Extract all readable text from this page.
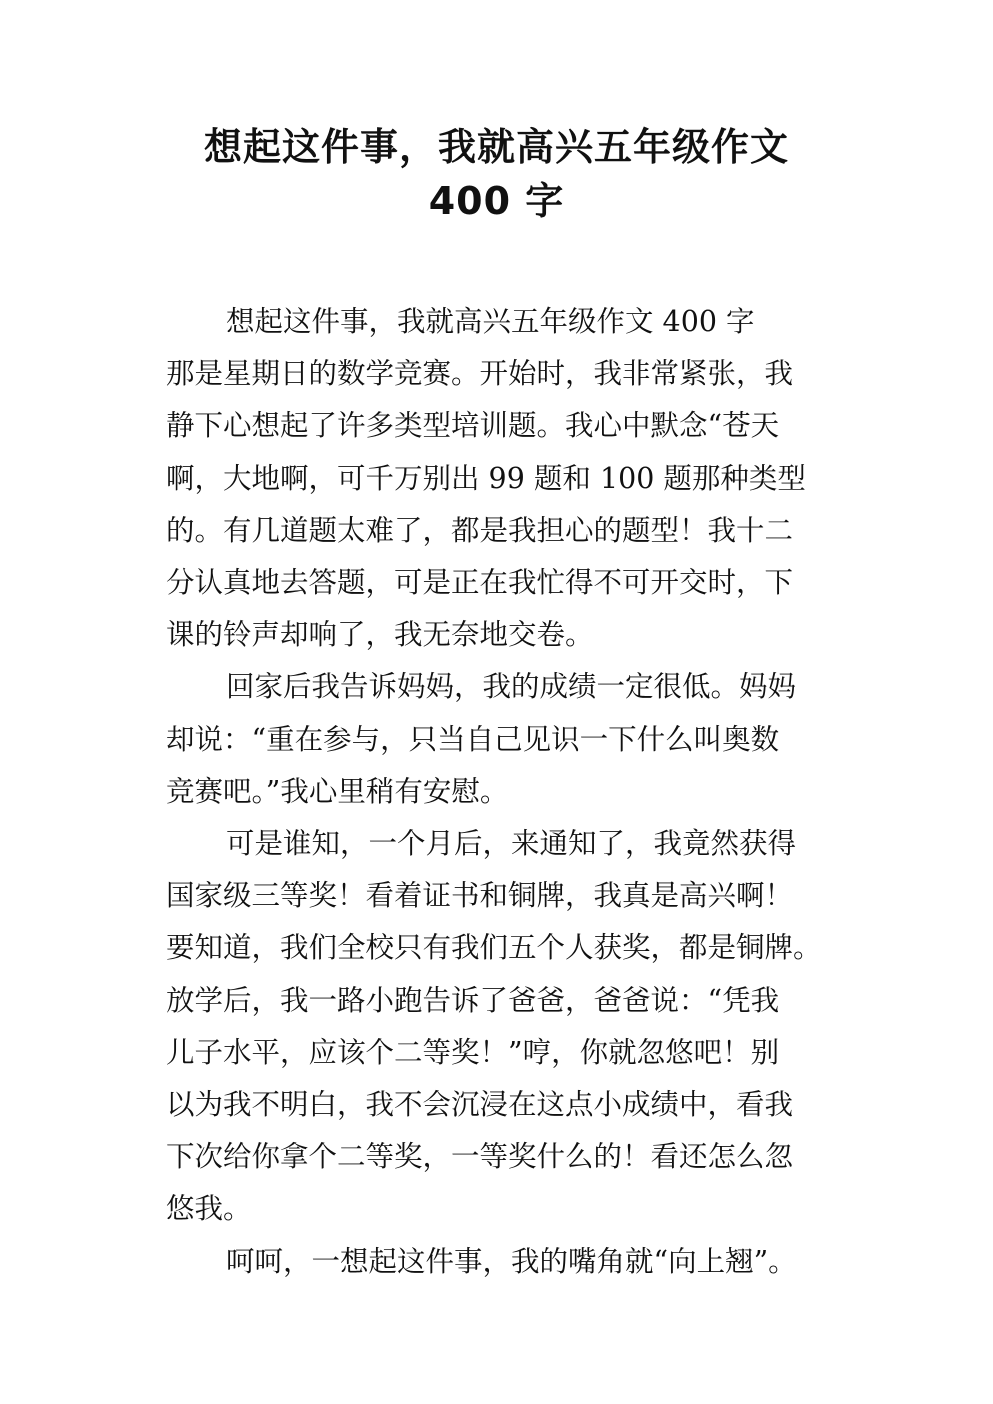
想起这件事，我就高兴五年级作文
400 字
想起这件事，我就高兴五年级作文 400 字
那是星期日的数学竞赛。开始时，我非常紧张，我
静下心想起了许多类型培训题。我心中默念“苍天
啊，大地啊，可千万别出 99 题和 100 题那种类型
的。有几道题太难了，都是我担心的题型！我十二
分认真地去答题，可是正在我忙得不可开交时，下
课的铃声却响了，我无奈地交卷。
回家后我告诉妈妈，我的成绩一定很低。妈妈
却说：“重在参与，只当自己见识一下什么叫奥数
竞赛吧。”我心里稍有安慰。
可是谁知，一个月后，来通知了，我竟然获得
国家级三等奖！看着证书和铜牌，我真是高兴啊！
要知道，我们全校只有我们五个人获奖，都是铜牌。
放学后，我一路小跑告诉了爸爸，爸爸说：“凭我
儿子水平，应该个二等奖！”哼，你就忽悠吧！别
以为我不明白，我不会沉浸在这点小成绩中，看我
下次给你拿个二等奖，一等奖什么的！看还怎么忽
悠我。
呵呵，一想起这件事，我的嘴角就“向上翘”。
